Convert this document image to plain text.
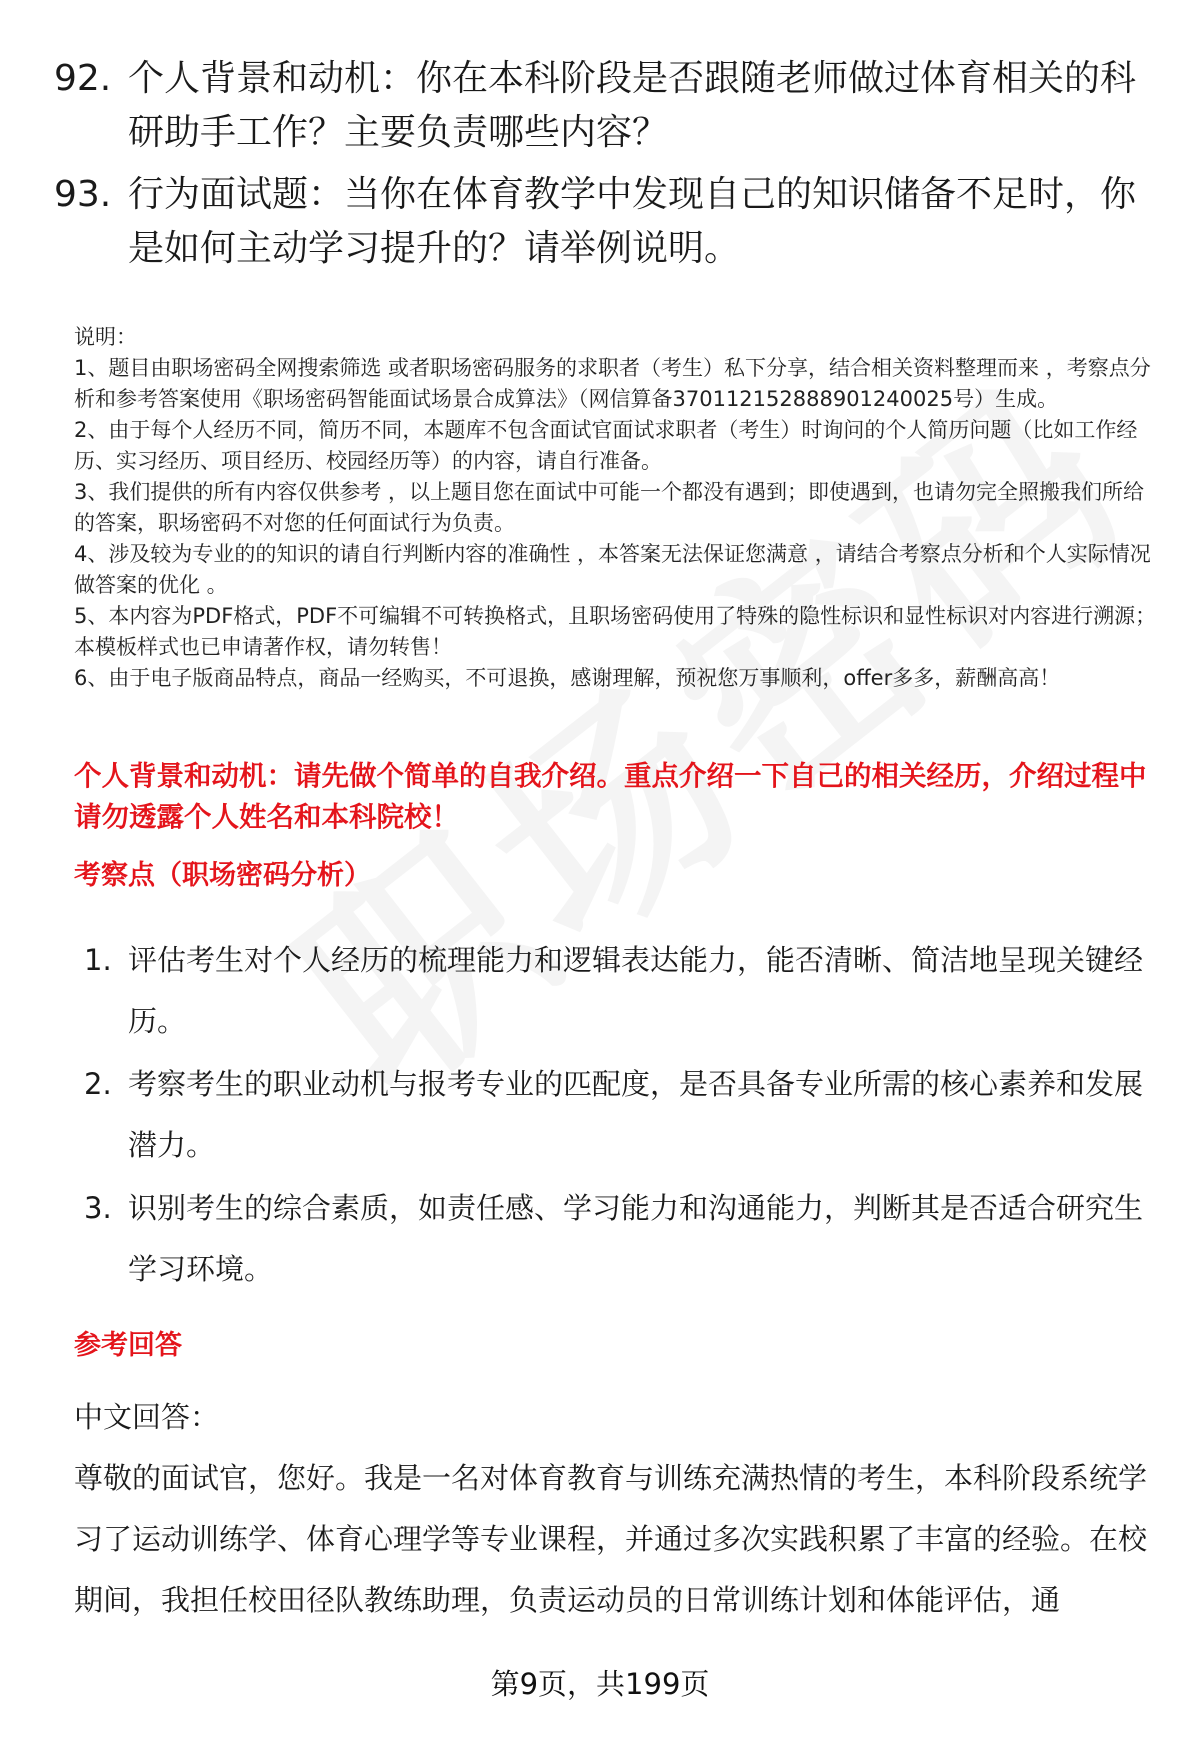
92. 个人背景和动机：你在本科阶段是否跟随老师做过体育相关的科研助手工作？主要负责哪些内容？
93. 行为面试题：当你在体育教学中发现自己的知识储备不足时，你是如何主动学习提升的？请举例说明。

说明：

1、题目由职场密码全网搜索筛选 或者职场密码服务的求职者（考生）私下分享，结合相关资料整理而来 ，考察点分析和参考答案使用《职场密码智能面试场景合成算法》（网信算备370112152888901240025号）生成。

2、由于每个人经历不同，简历不同，本题库不包含面试官面试求职者（考生）时询问的个人简历问题（比如工作经历、实习经历、项目经历、校园经历等）的内容，请自行准备。

3、我们提供的所有内容仅供参考 ，以上题目您在面试中可能一个都没有遇到；即使遇到，也请勿完全照搬我们所给的答案，职场密码不对您的任何面试行为负责。

4、涉及较为专业的的知识的请自行判断内容的准确性 ，本答案无法保证您满意 ，请结合考察点分析和个人实际情况做答案的优化 。

5、本内容为PDF格式，PDF不可编辑不可转换格式，且职场密码使用了特殊的隐性标识和显性标识对内容进行溯源；本模板样式也已申请著作权，请勿转售！

6、由于电子版商品特点，商品一经购买，不可退换，感谢理解，预祝您万事顺利，offer多多，薪酬高高！

个人背景和动机：请先做个简单的自我介绍。重点介绍一下自己的相关经历，介绍过程中请勿透露个人姓名和本科院校！
考察点（职场密码分析）
1. 评估考生对个人经历的梳理能力和逻辑表达能力，能否清晰、简洁地呈现关键经历。
2. 考察考生的职业动机与报考专业的匹配度，是否具备专业所需的核心素养和发展潜力。
3. 识别考生的综合素质，如责任感、学习能力和沟通能力，判断其是否适合研究生学习环境。
参考回答

中文回答：

尊敬的面试官，您好。我是一名对体育教育与训练充满热情的考生，本科阶段系统学习了运动训练学、体育心理学等专业课程，并通过多次实践积累了丰富的经验。在校期间，我担任校田径队教练助理，负责运动员的日常训练计划和体能评估，通

第9页，共199页
